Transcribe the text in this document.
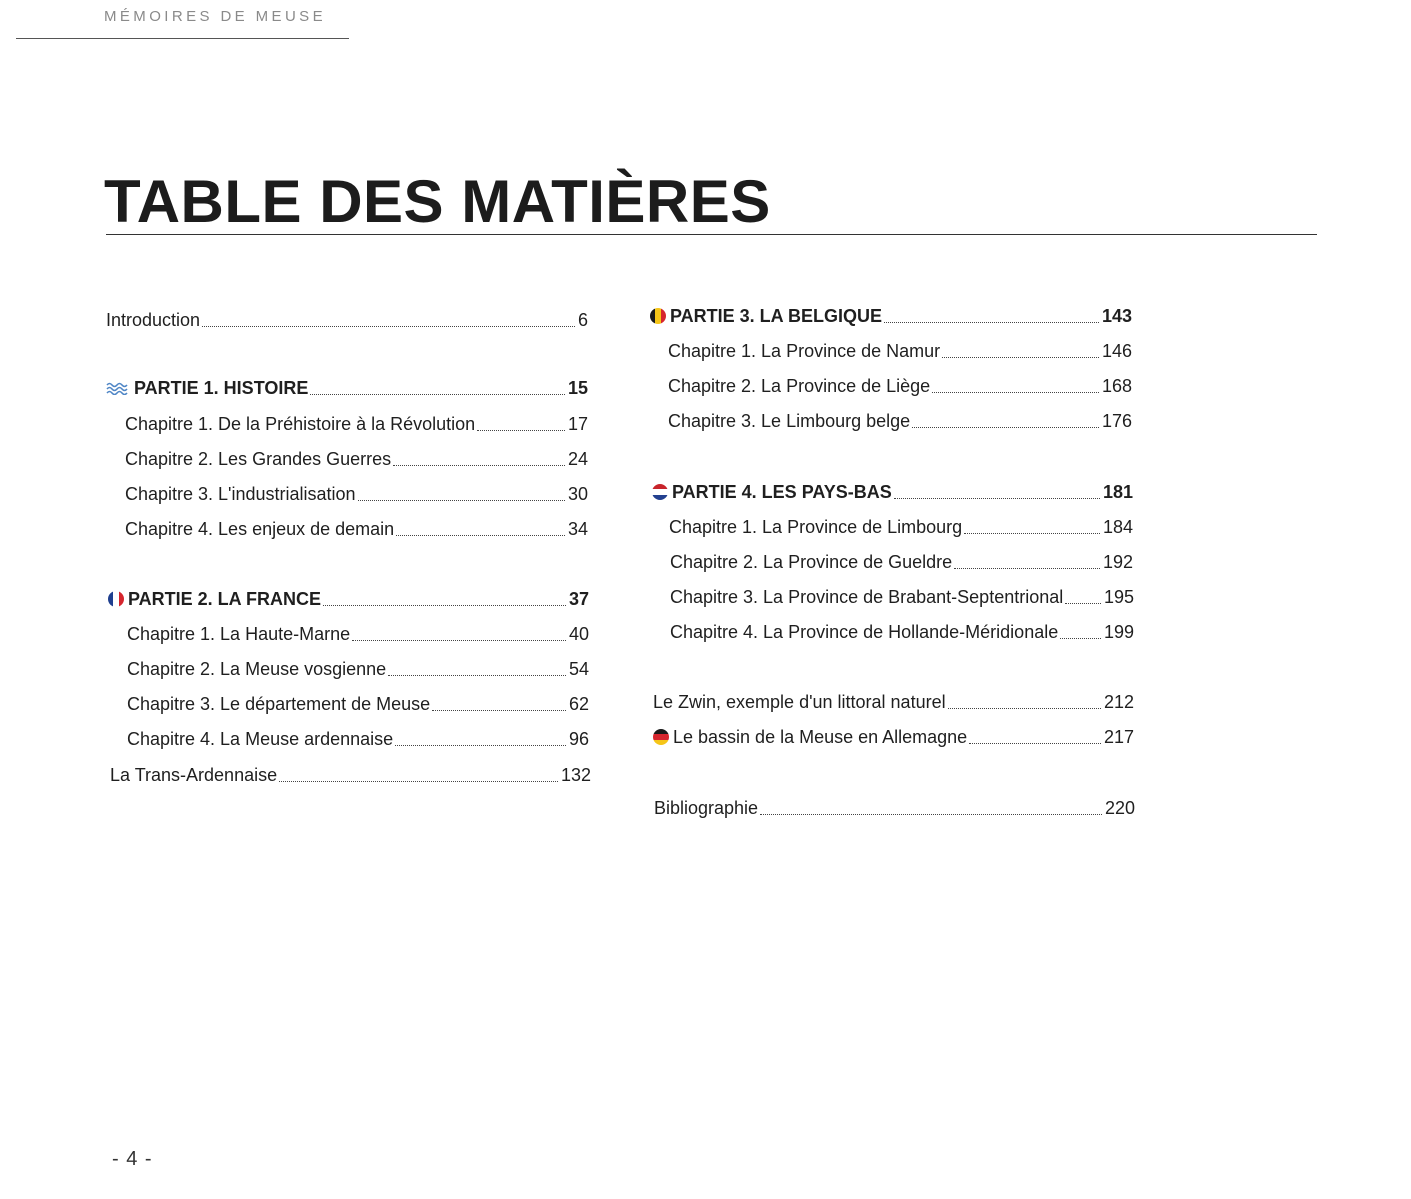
MÉMOIRES DE MEUSE
TABLE DES MATIÈRES
Introduction	6
PARTIE 1. HISTOIRE	15
Chapitre 1. De la Préhistoire à la Révolution	17
Chapitre 2. Les Grandes Guerres	24
Chapitre 3. L'industrialisation	30
Chapitre 4. Les enjeux de demain	34
PARTIE 2. LA FRANCE	37
Chapitre 1. La Haute-Marne	40
Chapitre 2. La Meuse vosgienne	54
Chapitre 3. Le département de Meuse	62
Chapitre 4. La Meuse ardennaise	96
La Trans-Ardennaise	132
PARTIE 3. LA BELGIQUE	143
Chapitre 1. La Province de Namur	146
Chapitre 2. La Province de Liège	168
Chapitre 3. Le Limbourg belge	176
PARTIE 4. LES PAYS-BAS	181
Chapitre 1. La Province de Limbourg	184
Chapitre 2. La Province de Gueldre	192
Chapitre 3. La Province de Brabant-Septentrional 195
Chapitre 4. La Province de Hollande-Méridionale	199
Le Zwin, exemple d'un littoral naturel	212
Le bassin de la Meuse en Allemagne	217
Bibliographie	220
- 4 -
